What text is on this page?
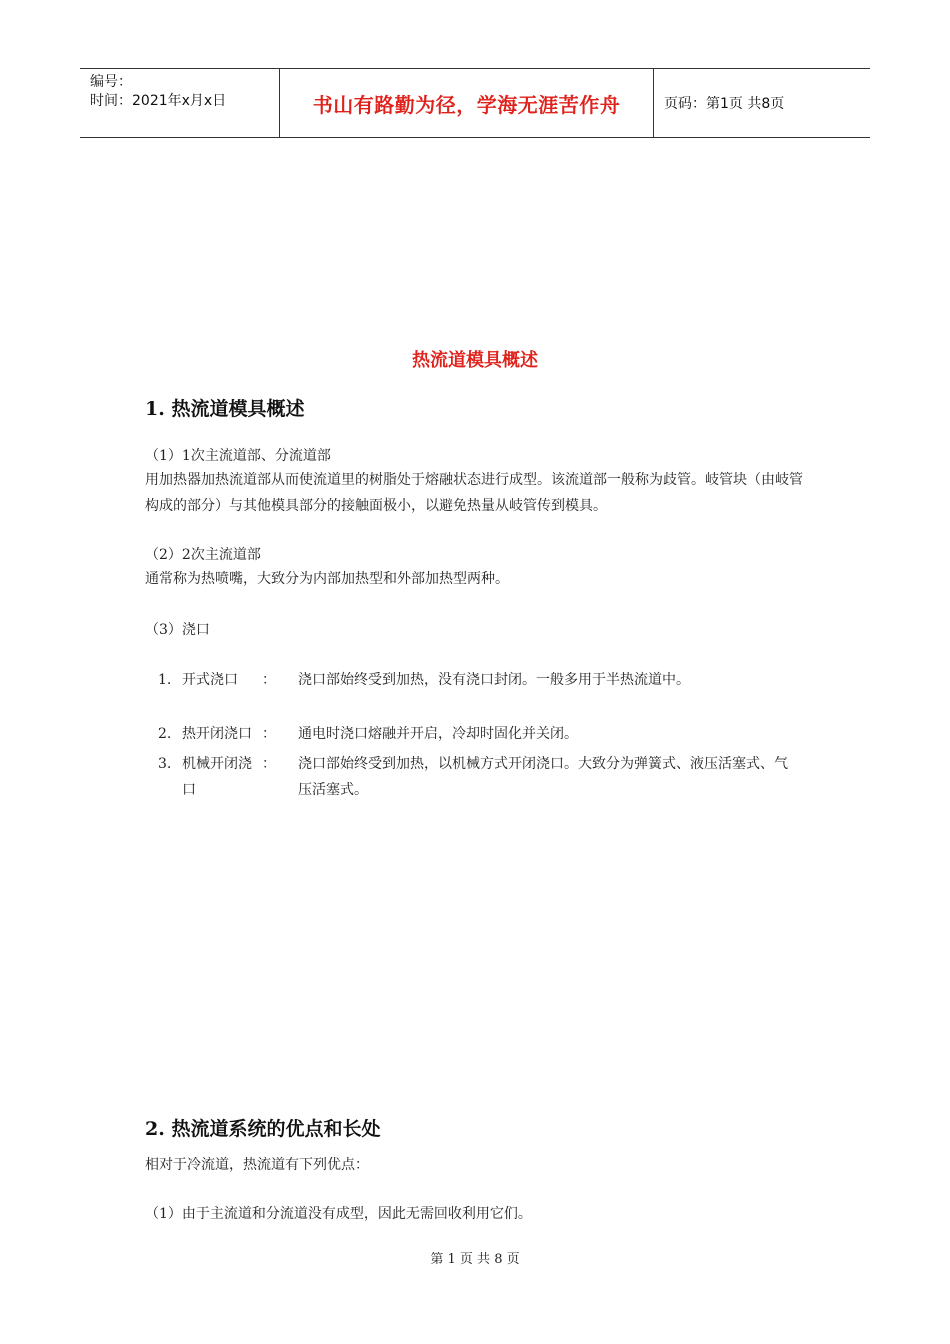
编号：
时间：2021年x月x日	书山有路勤为径，学海无涯苦作舟	页码：第1页 共8页
热流道模具概述
1. 热流道模具概述
（1）1次主流道部、分流道部
用加热器加热流道部从而使流道里的树脂处于熔融状态进行成型。该流道部一般称为歧管。岐管块（由岐管构成的部分）与其他模具部分的接触面极小，以避免热量从岐管传到模具。
（2）2次主流道部
通常称为热喷嘴，大致分为内部加热型和外部加热型两种。
（3）浇口
1. 开式浇口	：	浇口部始终受到加热，没有浇口封闭。一般多用于半热流道中。
2. 热开闭浇口 ：	通电时浇口熔融并开启，冷却时固化并关闭。
3. 机械开闭浇口
：	浇口部始终受到加热，以机械方式开闭浇口。大致分为弹簧式、液压活塞式、气压活塞式。
2. 热流道系统的优点和长处
相对于冷流道，热流道有下列优点：
（1）由于主流道和分流道没有成型，因此无需回收利用它们。
第 1 页 共 8 页
